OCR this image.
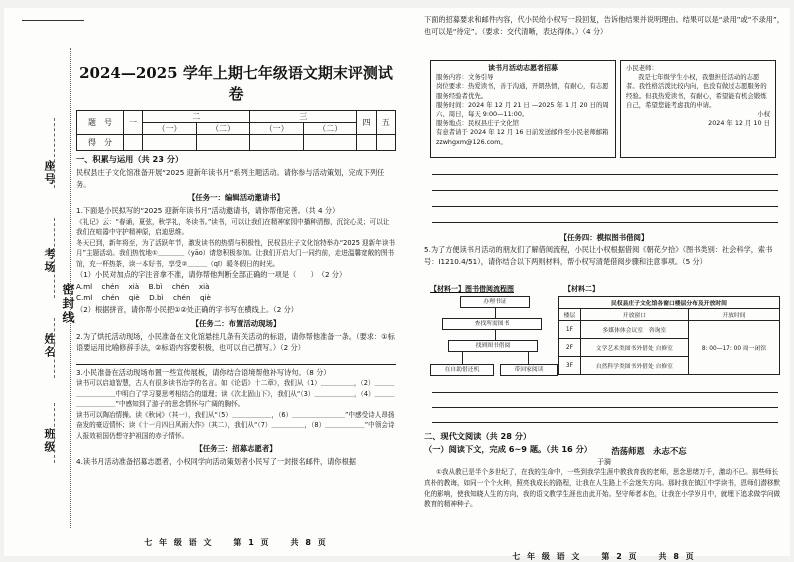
座号
考场
姓名
班级
密封线
2024—2025 学年上期七年级语文期末评测试卷
题　号	一	二		三		四	五
		（一）	（二）	（一）	（二）		
得　分							
一、积累与运用（共 23 分）

民权县庄子文化馆准备开展“2025 迎新年读书月”系列主题活动。请你参与活动策划，完成下列任务。

【任务一：编辑活动邀请书】

1.下面是小民拟写的“2025 迎新年读书月”活动邀请书，请你帮他完善。（共 4 分）

《礼记》云：“春诵，夏弦，秋学礼，冬读书。”读书，可以让我们在精神家园中播种清醇，沉淀心灵；可以让我们在喧嚣中守护精神原，启迪思维。

冬天已到，新年将至，为了活跃年节，激发读书的热情与积极性，民权县庄子文化馆特举办“2025 迎新年读书月”主题活动。我们热忱地①＿＿＿＿（yāo）请您积极参加。让我们开启大门一同约前，走进温馨宽敞的图书馆，充一杯热茶，读一本好书，享受②＿＿＿（qī）暖冬假日的时光。

（1）小民对加点的字注音拿不准，请你帮他判断全部正确的一项是（　　）　（2 分）

A.ml　 chén　 xià　 B.bì　 chén　 xià

C.ml　 chén　 qiè　 D.bì　 chén　 qiè

（2）根据拼音，请你帮小民把①②处正确的字书写在横线上。（2 分）

【任务二：布置活动现场】

2.为了烘托活动现场，小民准备在文化馆悬挂几条有关活动的标语，请你帮他准备一条。（要求：①标语要运用比喻修辞手法，②标语内容要积极，也可以自己撰写。）（2 分）

3.小民准备在活动现场布置一些宣传展板，请你结合语境帮他补写诗句。（8 分）

读书可以启迪智慧，古人有很多读书治学的名言。如《论语》十二章》，我们从（1）＿＿＿＿＿，（2）＿＿＿＿＿＿＿＿＿中明白了学习要思考相结合的道理；读《次北固山下》，我们从“（3）＿＿＿＿＿＿，（4）＿＿＿＿＿＿＿＿＿”中感知到了游子的思念情怀与广阔的胸怀。

读书可以陶冶情操。读《秋词》（其一），我们从“（5）＿＿＿＿＿＿，（6）＿＿＿＿＿＿＿＿”中感受诗人昂扬奋发的豪迈情怀；读《十一月四日风雨大作》（其二），我们从“（7）＿＿＿＿＿，（8）＿＿＿＿＿＿”中领会诗人报效祖国仍想守护祖国的赤子情怀。

【任务三：招募志愿者】

4.读书月活动准备招募志愿者，小权同学向活动策划者小民写了一封报名邮件，请你根据

七 年 级 语 文　　第 1 页　　共 8 页

下面的招募要求和邮件内容，代小民给小权写一段回复，告诉他结果并说明理由。结果可以是“录用”或“不录用”，也可以是“待定”。（要求：交代清晰，表达得体。）（4 分）

读书月活动志愿者招募

服务内容：文务引导

岗位要求：热爱读书，善于沟通，开朗热情，有耐心，有志愿服务经验者优先。

服务时间：2024 年 12 月 21 日 —2025 年 1 月 20 日的周六、周日，每天 9:00—11:00。

服务地点：民权县庄子文化馆

有意者请于 2024 年 12 月 16 日前发送邮件至小民老师邮箱 zzwhgxm@126.com。

小民老师：

我是七年级学生小权，我想担任活动的志愿者。我性格活泼比较内向，也没有做过志愿服务的经验。但我热爱读书，有耐心，希望能有机会锻炼自己，希望您能考虑我的申请。

小权

2024 年 12 月 10 日

【任务四：模拟图书借阅】

5.为了方便读书月活动的朋友们了解借阅流程，小民让小权根据借阅《朝花夕拾》（图书类别：社会科学，索书号：I1210.4/51），请你结合以下两则材料，帮小权写清楚借阅步骤和注意事项。（5 分）

【材料一】图书借阅流程图	【材料二】
办理书证
查找所需图书
找到图书借阅
在自助借还机	带回家阅读
民权县庄子文化馆各窗口楼层分布及开放时间		
楼层	开放窗口	开放时间
1F	多媒体体会议室　咨询室	8: 00—17: 00 周一闭馆
2F	文学艺术类图书外借处 自修室	
3F	自然科学类图书外借处 自修室	
二、现代文阅读（共 28 分）
（一）阅读下文，完成 6~9 题。（共 16 分）	浩荡师恩　永志不忘
于漪

①我从教已是半个多世纪了，在我的生命中，一些到我学生涯中教我育我的老师，思念思绪万千，激动不已。那些师长真朴的教诲，如同一个个火种，照亮我成长的路程，让我在人生路上不会迷失方向。那时我在镇江中学读书，恩师们潜移默化的影响，使我知晓人生的方向，我的语文教学生涯也由此开始。坚守师者本色，让我在小学岁月中，就埋下追求做学问做教育的精神种子。

七 年 级 语 文　　第 2 页　　共 8 页
